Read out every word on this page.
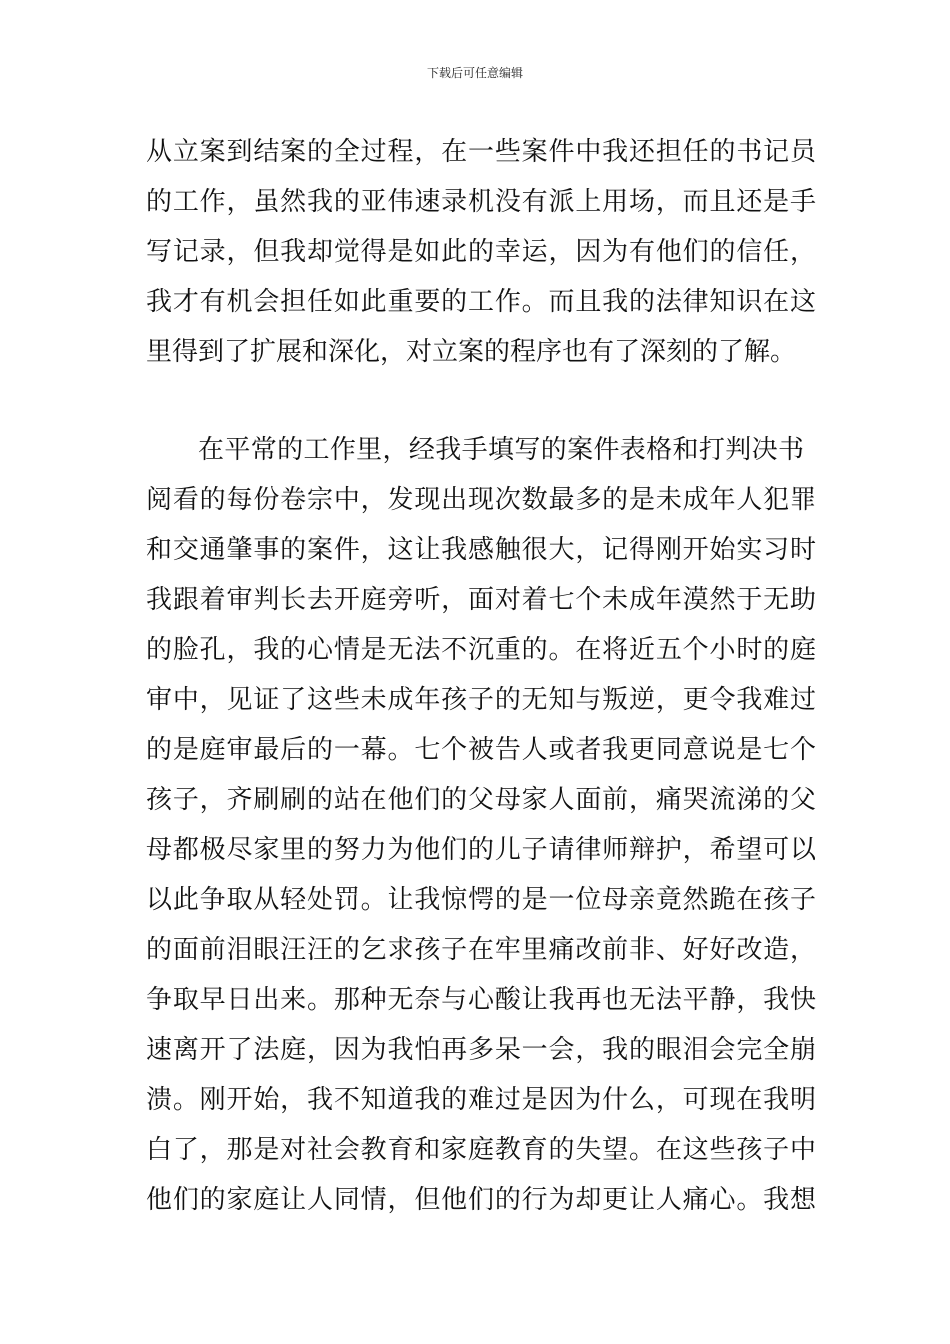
下载后可任意编辑
从立案到结案的全过程，在一些案件中我还担任的书记员
的工作，虽然我的亚伟速录机没有派上用场，而且还是手
写记录，但我却觉得是如此的幸运，因为有他们的信任，
我才有机会担任如此重要的工作。而且我的法律知识在这
里得到了扩展和深化，对立案的程序也有了深刻的了解。
在平常的工作里，经我手填写的案件表格和打判决书
阅看的每份卷宗中，发现出现次数最多的是未成年人犯罪
和交通肇事的案件，这让我感触很大，记得刚开始实习时
我跟着审判长去开庭旁听，面对着七个未成年漠然于无助
的脸孔，我的心情是无法不沉重的。在将近五个小时的庭
审中，见证了这些未成年孩子的无知与叛逆，更令我难过
的是庭审最后的一幕。七个被告人或者我更同意说是七个
孩子，齐刷刷的站在他们的父母家人面前，痛哭流涕的父
母都极尽家里的努力为他们的儿子请律师辩护，希望可以
以此争取从轻处罚。让我惊愕的是一位母亲竟然跪在孩子
的面前泪眼汪汪的乞求孩子在牢里痛改前非、好好改造，
争取早日出来。那种无奈与心酸让我再也无法平静，我快
速离开了法庭，因为我怕再多呆一会，我的眼泪会完全崩
溃。刚开始，我不知道我的难过是因为什么，可现在我明
白了，那是对社会教育和家庭教育的失望。在这些孩子中
他们的家庭让人同情，但他们的行为却更让人痛心。我想
